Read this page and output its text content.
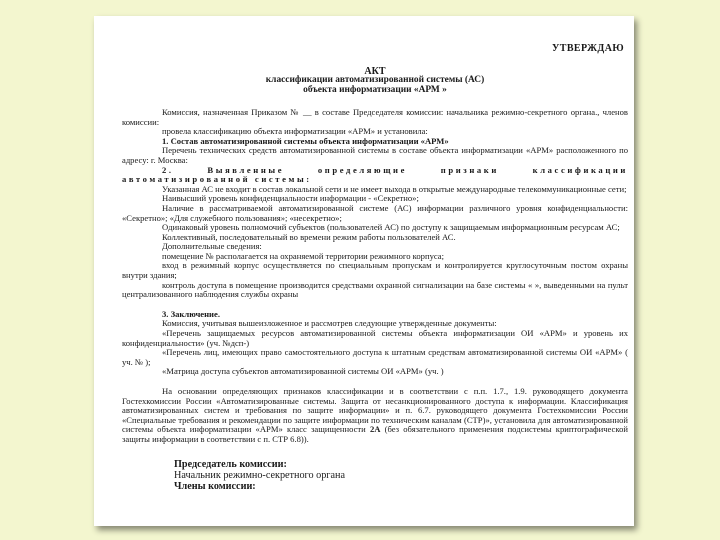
УТВЕРЖДАЮ
АКТ
классификации автоматизированной системы (АС)
объекта информатизации «АРМ »

Комиссия, назначенная Приказом № __ в составе Председателя комиссии: начальника режимно-секретного органа., членов комиссии:

провела классификацию объекта информатизации «АРМ» и установила:

1. Состав автоматизированной системы объекта информатизации «АРМ»

Перечень технических средств автоматизированной системы в составе объекта информатизации «АРМ» расположенного по адресу: г. Москва:

2. Выявленные определяющие признаки классификации автоматизированной системы:

Указанная АС не входит в состав локальной сети и не имеет выхода в открытые международные телекоммуникационные сети;

Наивысший уровень конфиденциальности информации - «Секретно»;

Наличие в рассматриваемой автоматизированной системе (АС) информации различного уровня конфиденциальности: «Секретно»; «Для служебного пользования»; «несекретно»;

Одинаковый уровень полномочий субъектов (пользователей АС) по доступу к защищаемым информационным ресурсам АС;

Коллективный, последовательный во времени режим работы пользователей АС.

Дополнительные сведения:

помещение № располагается на охраняемой территории режимного корпуса;

вход в режимный корпус осуществляется по специальным пропускам и контролируется круглосуточным постом охраны внутри здания;

контроль доступа в помещение производится средствами охранной сигнализации на базе системы « », выведенными на пульт централизованного наблюдения службы охраны

3. Заключение.

Комиссия, учитывая вышеизложенное и рассмотрев следующие утвержденные документы:

«Перечень защищаемых ресурсов автоматизированной системы объекта информатизации ОИ «АРМ» и уровень их конфиденциальности» (уч. №дсп-)

«Перечень лиц, имеющих право самостоятельного доступа к штатным средствам автоматизированной системы ОИ «АРМ» ( уч. № );

«Матрица доступа субъектов автоматизированной системы ОИ «АРМ» (уч. )

На основании определяющих признаков классификации и в соответствии с п.п. 1.7., 1.9. руководящего документа Гостехкомиссии России «Автоматизированные системы. Защита от несанкционированного доступа к информации. Классификация автоматизированных систем и требования по защите информации» и п. 6.7. руководящего документа Гостехкомиссии России «Специальные требования и рекомендации по защите информации по техническим каналам (СТР)», установила для автоматизированной системы объекта информатизации «АРМ» класс защищенности 2А (без обязательного применения подсистемы криптографической защиты информации в соответствии с п. СТР 6.8)).

Председатель комиссии:
Начальник режимно-секретного органа
Члены комиссии:
